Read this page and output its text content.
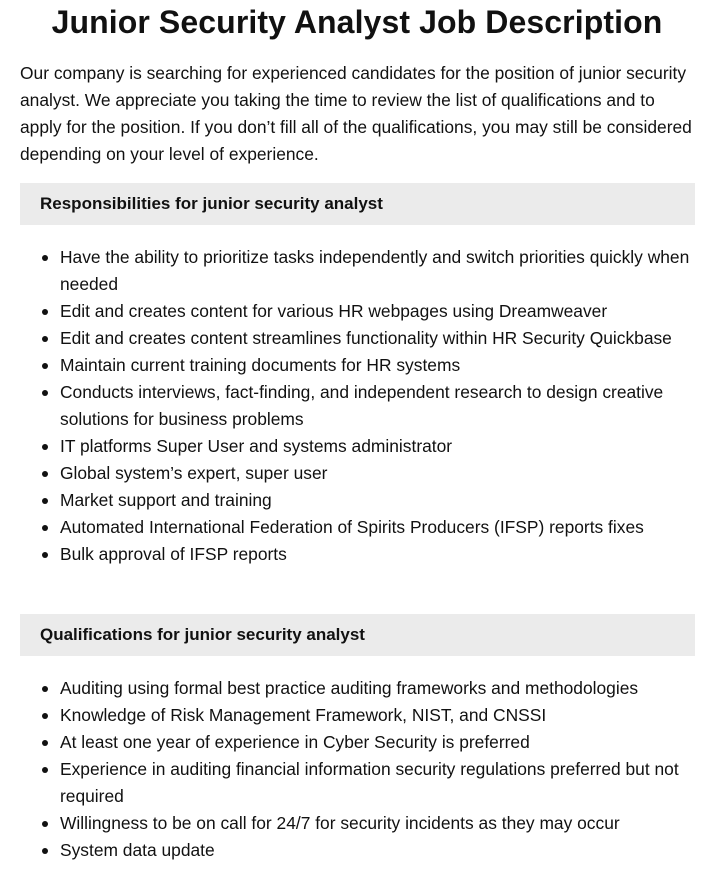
Junior Security Analyst Job Description

Our company is searching for experienced candidates for the position of junior security analyst. We appreciate you taking the time to review the list of qualifications and to apply for the position. If you don’t fill all of the qualifications, you may still be considered depending on your level of experience.

Responsibilities for junior security analyst
Have the ability to prioritize tasks independently and switch priorities quickly when needed
Edit and creates content for various HR webpages using Dreamweaver
Edit and creates content streamlines functionality within HR Security Quickbase
Maintain current training documents for HR systems
Conducts interviews, fact-finding, and independent research to design creative solutions for business problems
IT platforms Super User and systems administrator
Global system’s expert, super user
Market support and training
Automated International Federation of Spirits Producers (IFSP) reports fixes
Bulk approval of IFSP reports
Qualifications for junior security analyst
Auditing using formal best practice auditing frameworks and methodologies
Knowledge of Risk Management Framework, NIST, and CNSSI
At least one year of experience in Cyber Security is preferred
Experience in auditing financial information security regulations preferred but not required
Willingness to be on call for 24/7 for security incidents as they may occur
System data update
